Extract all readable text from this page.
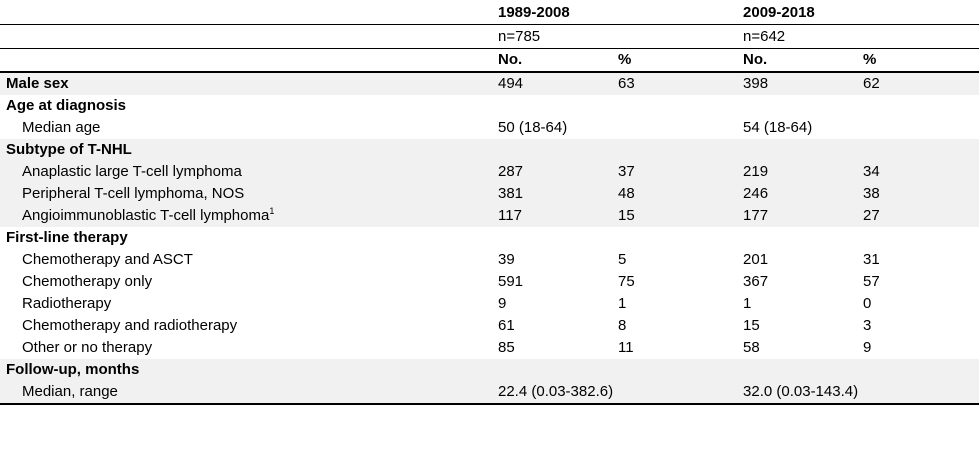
	1989-2008		2009-2018	
	n=785		n=642	
	No.	%	No.	%
Male sex	494	63	398	62
Age at diagnosis				
Median age	50 (18-64)		54 (18-64)	
Subtype of T-NHL				
Anaplastic large T-cell lymphoma	287	37	219	34
Peripheral T-cell lymphoma, NOS	381	48	246	38
Angioimmunoblastic T-cell lymphoma$^1$	117	15	177	27
First-line therapy				
Chemotherapy and ASCT	39	5	201	31
Chemotherapy only	591	75	367	57
Radiotherapy	9	1	1	0
Chemotherapy and radiotherapy	61	8	15	3
Other or no therapy	85	11	58	9
Follow-up, months				
Median, range	22.4 (0.03-382.6)		32.0 (0.03-143.4)	
